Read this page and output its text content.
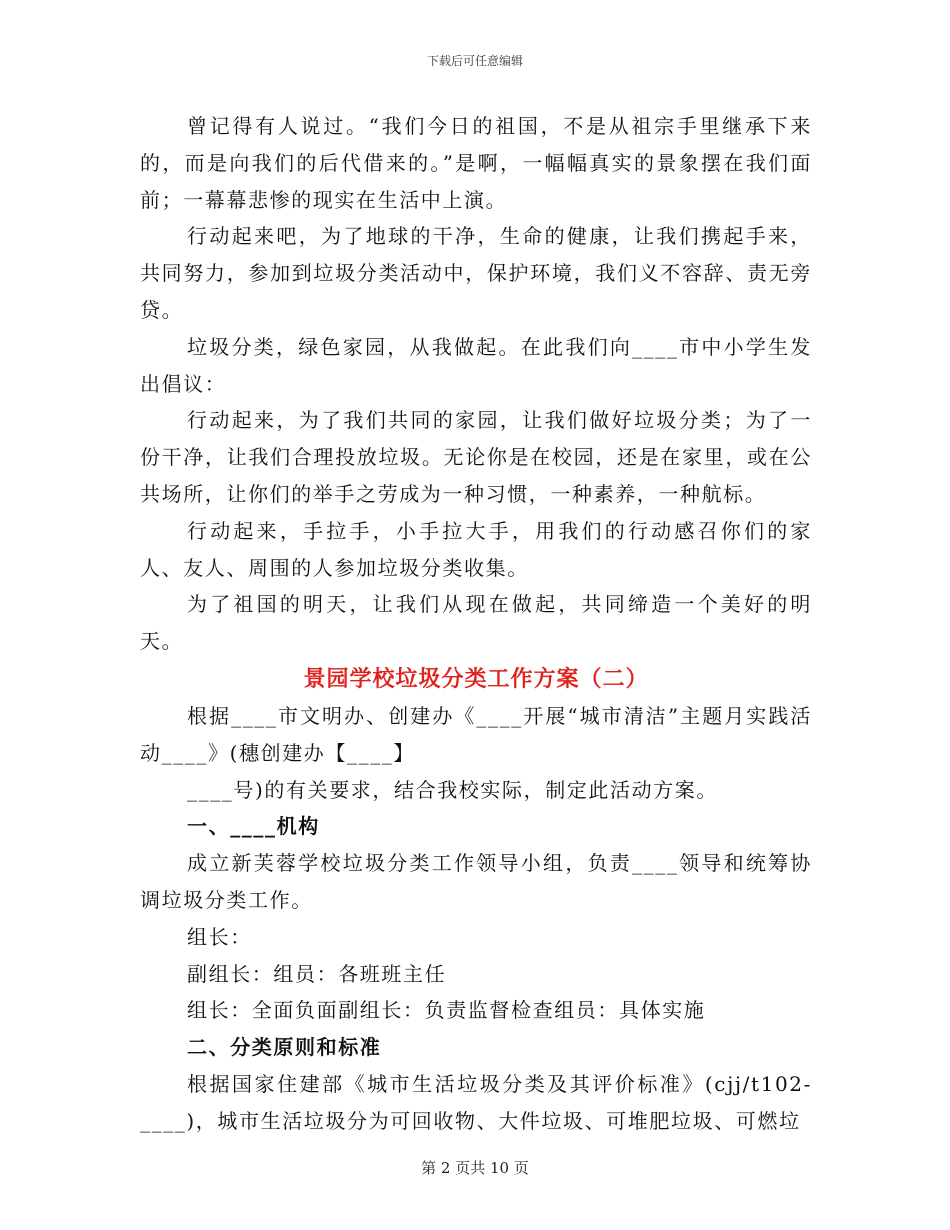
下载后可任意编辑

曾记得有人说过。“我们今日的祖国，不是从祖宗手里继承下来的，而是向我们的后代借来的。”是啊，一幅幅真实的景象摆在我们面前；一幕幕悲惨的现实在生活中上演。

行动起来吧，为了地球的干净，生命的健康，让我们携起手来，共同努力，参加到垃圾分类活动中，保护环境，我们义不容辞、责无旁贷。

垃圾分类，绿色家园，从我做起。在此我们向____市中小学生发出倡议：

行动起来，为了我们共同的家园，让我们做好垃圾分类；为了一份干净，让我们合理投放垃圾。无论你是在校园，还是在家里，或在公共场所，让你们的举手之劳成为一种习惯，一种素养，一种航标。

行动起来，手拉手，小手拉大手，用我们的行动感召你们的家人、友人、周围的人参加垃圾分类收集。

为了祖国的明天，让我们从现在做起，共同缔造一个美好的明天。

景园学校垃圾分类工作方案（二）

根据____市文明办、创建办《____开展“城市清洁”主题月实践活动____》(穗创建办【____】

____号)的有关要求，结合我校实际，制定此活动方案。

一、____机构

成立新芙蓉学校垃圾分类工作领导小组，负责____领导和统筹协调垃圾分类工作。

组长：

副组长：组员：各班班主任

组长：全面负面副组长：负责监督检查组员：具体实施

二、分类原则和标准

根据国家住建部《城市生活垃圾分类及其评价标准》(cjj/t102-____)，城市生活垃圾分为可回收物、大件垃圾、可堆肥垃圾、可燃垃

第 2 页共 10 页
